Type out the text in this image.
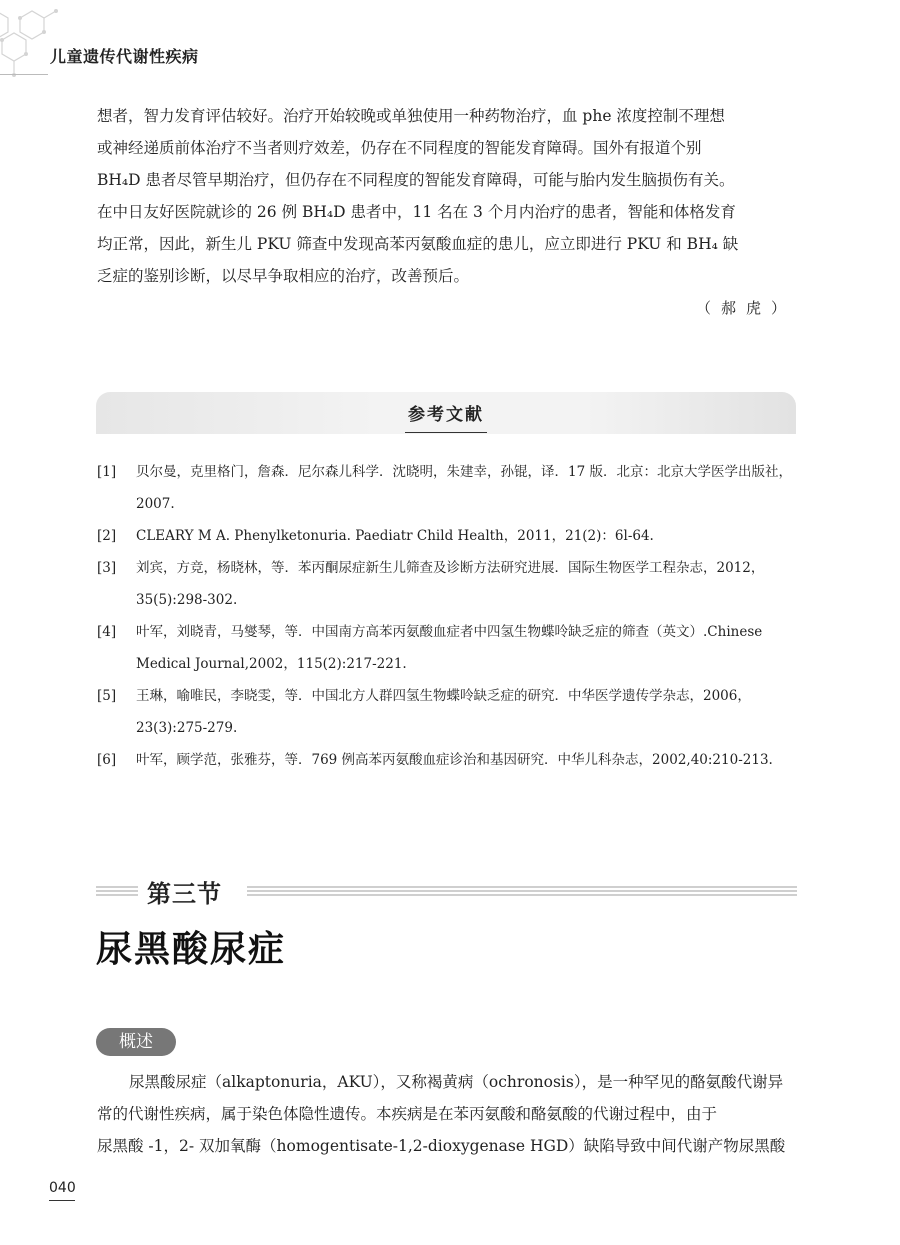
儿童遗传代谢性疾病

想者，智力发育评估较好。治疗开始较晚或单独使用一种药物治疗，血 phe 浓度控制不理想

或神经递质前体治疗不当者则疗效差，仍存在不同程度的智能发育障碍。国外有报道个别

BH₄D 患者尽管早期治疗，但仍存在不同程度的智能发育障碍，可能与胎内发生脑损伤有关。

在中日友好医院就诊的 26 例 BH₄D 患者中，11 名在 3 个月内治疗的患者，智能和体格发育

均正常，因此，新生儿 PKU 筛查中发现高苯丙氨酸血症的患儿，应立即进行 PKU 和 BH₄ 缺

乏症的鉴别诊断，以尽早争取相应的治疗，改善预后。

（郝虎）
参考文献
[1] 贝尔曼，克里格门，詹森．尼尔森儿科学．沈晓明，朱建幸，孙锟，译．17 版．北京：北京大学医学出版社，2007.
[2] CLEARY M A. Phenylketonuria. Paediatr Child Health，2011，21(2)：6l-64.
[3] 刘宾，方竞，杨晓林，等．苯丙酮尿症新生儿筛查及诊断方法研究进展．国际生物医学工程杂志，2012，35(5):298-302.
[4] 叶军，刘晓青，马燮琴，等．中国南方高苯丙氨酸血症者中四氢生物蝶呤缺乏症的筛查（英文）.Chinese Medical Journal,2002，115(2):217-221.
[5] 王琳，喻唯民，李晓雯，等．中国北方人群四氢生物蝶呤缺乏症的研究．中华医学遗传学杂志，2006，23(3):275-279.
[6] 叶军，顾学范，张雅芬，等．769 例高苯丙氨酸血症诊治和基因研究．中华儿科杂志，2002,40:210-213.
第三节
尿黑酸尿症
概述

尿黑酸尿症（alkaptonuria，AKU），又称褐黄病（ochronosis），是一种罕见的酪氨酸代谢异

常的代谢性疾病，属于染色体隐性遗传。本疾病是在苯丙氨酸和酪氨酸的代谢过程中，由于

尿黑酸 -1，2- 双加氧酶（homogentisate-1,2-dioxygenase HGD）缺陷导致中间代谢产物尿黑酸

040
